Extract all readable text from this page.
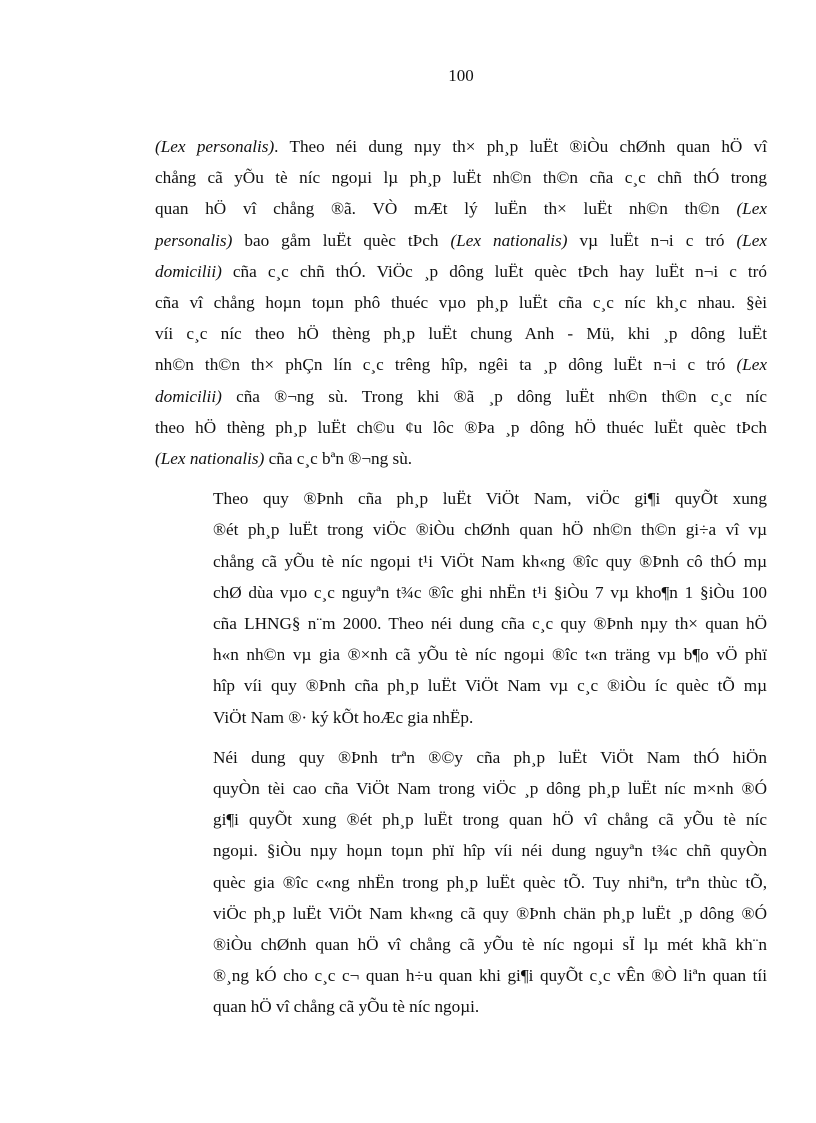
100

(Lex personalis). Theo néi dung nµy th× ph¸p luËt ®iÒu chØnh quan hÖ vî
chång cã yÕu tè níc ngoµi lµ ph¸p luËt nh©n th©n cña c¸c chñ thÓ trong
quan hÖ vî chång ®ã. VÒ mÆt lý luËn th× luËt nh©n th©n (Lex
personalis) bao gåm luËt quèc tÞch (Lex nationalis) vµ luËt n¬i c tró (Lex
domicilii) cña c¸c chñ thÓ. ViÖc ¸p dông luËt quèc tÞch hay luËt n¬i c tró
cña vî chång hoµn toµn phô thuéc vµo ph¸p luËt cña c¸c níc kh¸c nhau. §èi
víi c¸c níc theo hÖ thèng ph¸p luËt chung Anh - Mü, khi ¸p dông luËt
nh©n th©n th× phÇn lín c¸c trêng hîp, ngêi ta ¸p dông luËt n¬i c tró (Lex
domicilii) cña ®¬ng sù. Trong khi ®ã ¸p dông luËt nh©n th©n c¸c níc
theo hÖ thèng ph¸p luËt ch©u ¢u lôc ®Þa ¸p dông hÖ thuéc luËt quèc tÞch
(Lex nationalis) cña c¸c bªn ®¬ng sù.

Theo quy ®Þnh cña ph¸p luËt ViÖt Nam, viÖc gi¶i quyÕt xung
®ét ph¸p luËt trong viÖc ®iÒu chØnh quan hÖ nh©n th©n gi÷a vî vµ
chång cã yÕu tè níc ngoµi t¹i ViÖt Nam kh«ng ®îc quy ®Þnh cô thÓ mµ
chØ dùa vµo c¸c nguyªn t¾c ®îc ghi nhËn t¹i §iÒu 7 vµ kho¶n 1 §iÒu 100
cña LHNG§ n¨m 2000. Theo néi dung cña c¸c quy ®Þnh nµy th× quan hÖ
h«n nh©n vµ gia ®×nh cã yÕu tè níc ngoµi ®îc t«n träng vµ b¶o vÖ phï
hîp víi quy ®Þnh cña ph¸p luËt ViÖt Nam vµ c¸c ®iÒu íc quèc tÕ mµ
ViÖt Nam ®· ký kÕt hoÆc gia nhËp.

Néi dung quy ®Þnh trªn ®©y cña ph¸p luËt ViÖt Nam thÓ hiÖn
quyÒn tèi cao cña ViÖt Nam trong viÖc ¸p dông ph¸p luËt níc m×nh ®Ó
gi¶i quyÕt xung ®ét ph¸p luËt trong quan hÖ vî chång cã yÕu tè níc
ngoµi. §iÒu nµy hoµn toµn phï hîp víi néi dung nguyªn t¾c chñ quyÒn
quèc gia ®îc c«ng nhËn trong ph¸p luËt quèc tÕ. Tuy nhiªn, trªn thùc tÕ,
viÖc ph¸p luËt ViÖt Nam kh«ng cã quy ®Þnh chän ph¸p luËt ¸p dông ®Ó
®iÒu chØnh quan hÖ vî chång cã yÕu tè níc ngoµi sÏ lµ mét khã kh¨n
®¸ng kÓ cho c¸c c¬ quan h÷u quan khi gi¶i quyÕt c¸c vÊn ®Ò liªn quan tíi
quan hÖ vî chång cã yÕu tè níc ngoµi.
